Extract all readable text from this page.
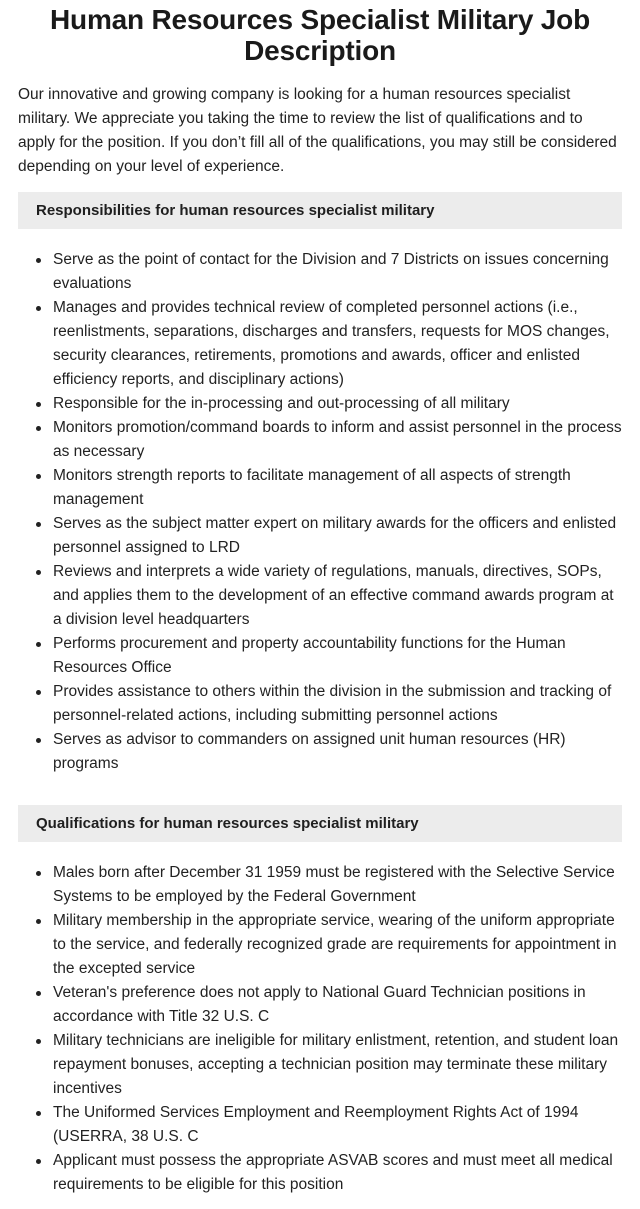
Human Resources Specialist Military Job Description

Our innovative and growing company is looking for a human resources specialist military. We appreciate you taking the time to review the list of qualifications and to apply for the position. If you don’t fill all of the qualifications, you may still be considered depending on your level of experience.

Responsibilities for human resources specialist military
Serve as the point of contact for the Division and 7 Districts on issues concerning evaluations
Manages and provides technical review of completed personnel actions (i.e., reenlistments, separations, discharges and transfers, requests for MOS changes, security clearances, retirements, promotions and awards, officer and enlisted efficiency reports, and disciplinary actions)
Responsible for the in-processing and out-processing of all military
Monitors promotion/command boards to inform and assist personnel in the process as necessary
Monitors strength reports to facilitate management of all aspects of strength management
Serves as the subject matter expert on military awards for the officers and enlisted personnel assigned to LRD
Reviews and interprets a wide variety of regulations, manuals, directives, SOPs, and applies them to the development of an effective command awards program at a division level headquarters
Performs procurement and property accountability functions for the Human Resources Office
Provides assistance to others within the division in the submission and tracking of personnel-related actions, including submitting personnel actions
Serves as advisor to commanders on assigned unit human resources (HR) programs
Qualifications for human resources specialist military
Males born after December 31 1959 must be registered with the Selective Service Systems to be employed by the Federal Government
Military membership in the appropriate service, wearing of the uniform appropriate to the service, and federally recognized grade are requirements for appointment in the excepted service
Veteran's preference does not apply to National Guard Technician positions in accordance with Title 32 U.S. C
Military technicians are ineligible for military enlistment, retention, and student loan repayment bonuses, accepting a technician position may terminate these military incentives
The Uniformed Services Employment and Reemployment Rights Act of 1994 (USERRA, 38 U.S. C
Applicant must possess the appropriate ASVAB scores and must meet all medical requirements to be eligible for this position
